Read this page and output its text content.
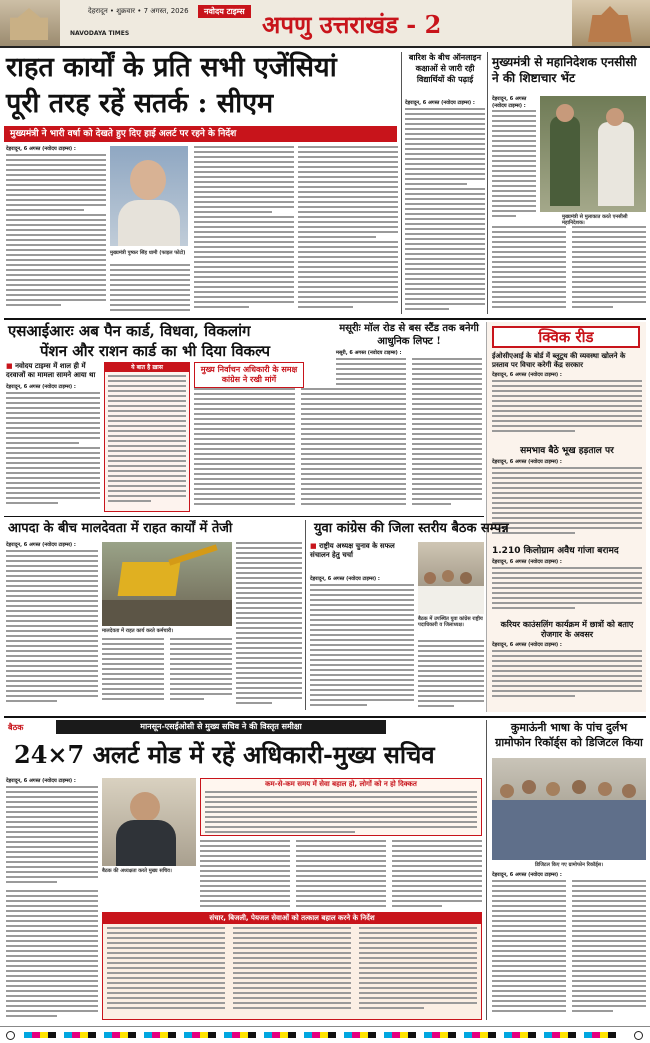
देहरादून • शुक्रवार • 7 अगस्त, 2026	नवोदय टाइम्स
NAVODAYA TIMES	अपणु उत्तराखंड - 2
राहत कार्यों के प्रति सभी एजेंसियां
पूरी तरह रहें सतर्क : सीएम
मुख्यमंत्री ने भारी वर्षा को देखते हुए दिए हाई अलर्ट पर रहने के निर्देश
देहरादून, 6 अगस्त (नवोदय टाइम्स) :
मुख्यमंत्री पुष्कर सिंह धामी (फाइल फोटो)
बारिश के बीच ऑनलाइन कक्षाओं से जारी रही विद्यार्थियों की पढ़ाई
देहरादून, 6 अगस्त (नवोदय टाइम्स) :
मुख्यमंत्री से महानिदेशक एनसीसी ने की शिष्टाचार भेंट
देहरादून, 6 अगस्त (नवोदय टाइम्स) :
मुख्यमंत्री से मुलाकात करते एनसीसी महानिदेशक।
एसआईआरः अब पैन कार्ड, विधवा, विकलांग
पेंशन और राशन कार्ड का भी दिया विकल्प
■ नवोदय टाइम्स में शाल ही में दरवाजों का मामला सामने आया था
देहरादून, 6 अगस्त (नवोदय टाइम्स) :
ये बात है ख़ास	मुख्य निर्वाचन अधिकारी के समक्ष कांग्रेस ने रखी मांगें
मसूरीः मॉल रोड से बस स्टैंड तक बनेगी आधुनिक लिफ्ट !
मसूरी, 6 अगस्त (नवोदय टाइम्स) :
क्विक रीड
ईओसीएआई के बोर्ड में ब्लूटूथ की व्यवस्था खोलने के प्रस्ताव पर विचार करेगी केंद्र सरकार
देहरादून, 6 अगस्त (नवोदय टाइम्स) :
समभाव बैठे भूख हड़ताल पर
देहरादून, 6 अगस्त (नवोदय टाइम्स) :
1.210 किलोग्राम अवैध गांजा बरामद
देहरादून, 6 अगस्त (नवोदय टाइम्स) :
करियर काउंसलिंग कार्यक्रम में छात्रों को बताए रोजगार के अवसर
देहरादून, 6 अगस्त (नवोदय टाइम्स) :
आपदा के बीच मालदेवता में राहत कार्यों में तेजी
देहरादून, 6 अगस्त (नवोदय टाइम्स) :
मालदेवता में राहत कार्य करते कर्मचारी।
युवा कांग्रेस की जिला स्तरीय बैठक सम्पन्न
■ राष्ट्रीय अध्यक्ष चुनाव के सफल संचालन हेतु चर्चा
देहरादून, 6 अगस्त (नवोदय टाइम्स) :
बैठक में उपस्थित युवा कांग्रेस राष्ट्रीय पदाधिकारी व जिलाध्यक्ष।
बैठक	मानसून-एसईओसी से मुख्य सचिव ने की विस्तृत समीक्षा
24×7 अलर्ट मोड में रहें अधिकारी-मुख्य सचिव
देहरादून, 6 अगस्त (नवोदय टाइम्स) :
बैठक की अध्यक्षता करते मुख्य सचिव।
कम-से-कम समय में सेवा बहाल हो, लोगों को न हो दिक्कत
संचार, बिजली, पेयजल सेवाओं को तत्काल बहाल करने के निर्देश
कुमाऊंनी भाषा के पांच दुर्लभ ग्रामोफोन रिकॉर्ड्स को डिजिटल किया
डिजिटल किए गए ग्रामोफोन रिकॉर्ड्स।
देहरादून, 6 अगस्त (नवोदय टाइम्स) :
